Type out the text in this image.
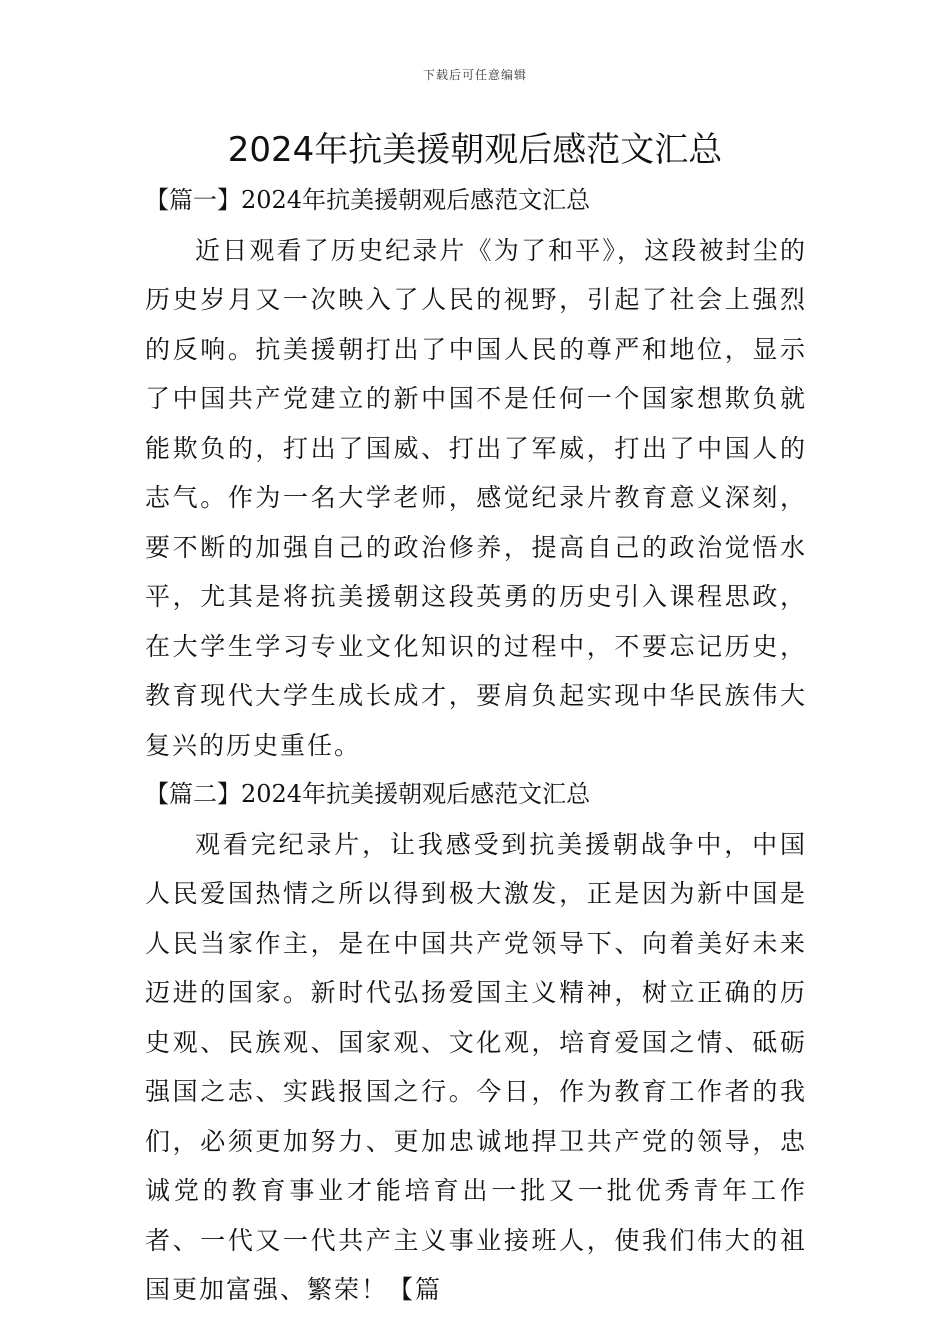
下载后可任意编辑
2024年抗美援朝观后感范文汇总
【篇一】2024年抗美援朝观后感范文汇总

近日观看了历史纪录片《为了和平》，这段被封尘的历史岁月又一次映入了人民的视野，引起了社会上强烈的反响。抗美援朝打出了中国人民的尊严和地位，显示了中国共产党建立的新中国不是任何一个国家想欺负就能欺负的，打出了国威、打出了军威，打出了中国人的志气。作为一名大学老师，感觉纪录片教育意义深刻，要不断的加强自己的政治修养，提高自己的政治觉悟水平，尤其是将抗美援朝这段英勇的历史引入课程思政，在大学生学习专业文化知识的过程中，不要忘记历史，教育现代大学生成长成才，要肩负起实现中华民族伟大复兴的历史重任。

【篇二】2024年抗美援朝观后感范文汇总

观看完纪录片，让我感受到抗美援朝战争中，中国人民爱国热情之所以得到极大激发，正是因为新中国是人民当家作主，是在中国共产党领导下、向着美好未来迈进的国家。新时代弘扬爱国主义精神，树立正确的历史观、民族观、国家观、文化观，培育爱国之情、砥砺强国之志、实践报国之行。今日，作为教育工作者的我们，必须更加努力、更加忠诚地捍卫共产党的领导，忠诚党的教育事业才能培育出一批又一批优秀青年工作者、一代又一代共产主义事业接班人，使我们伟大的祖国更加富强、繁荣！【篇
